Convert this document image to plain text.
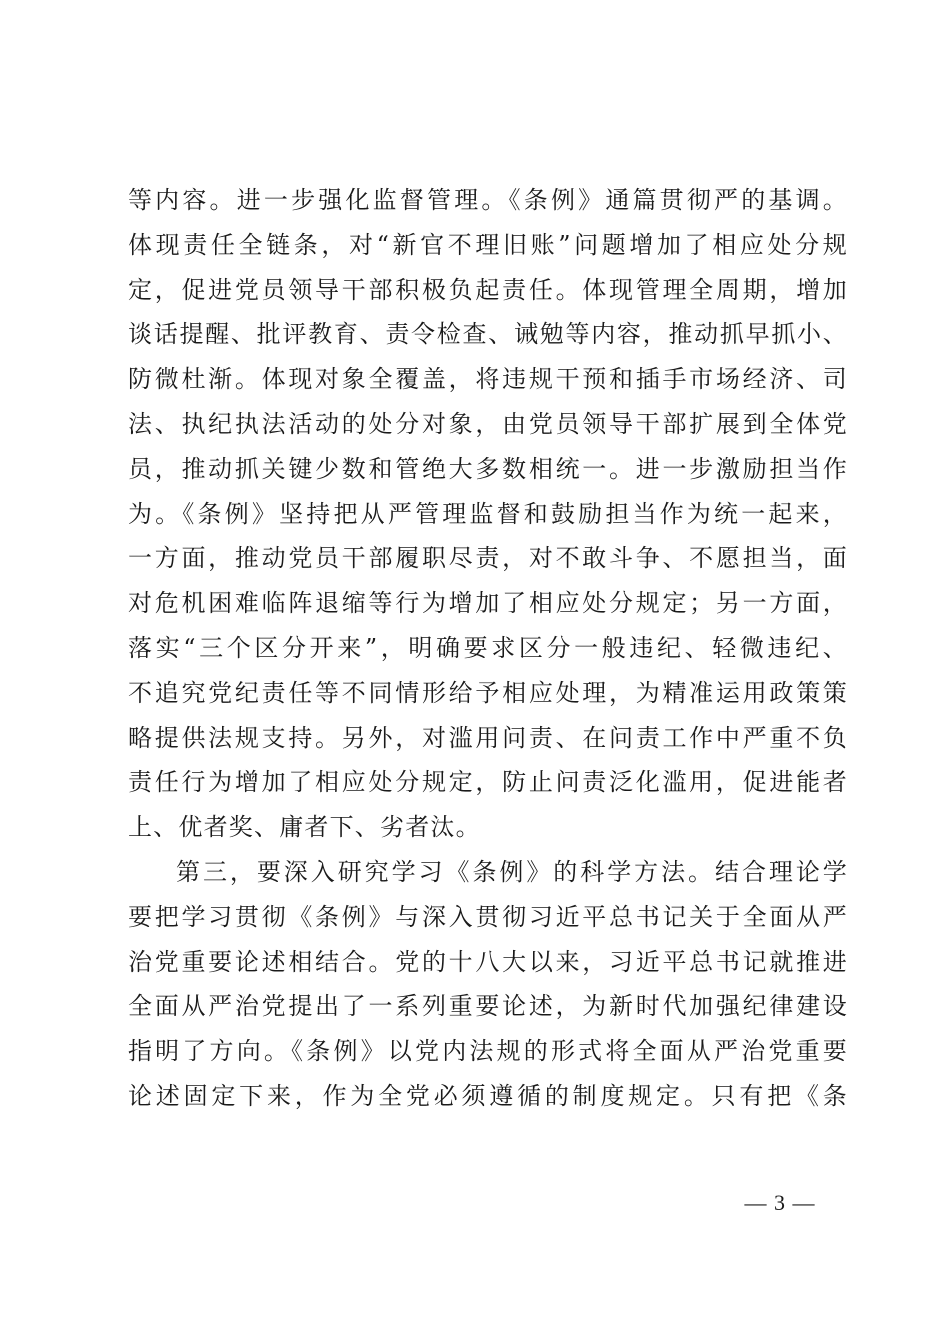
等内容。进一步强化监督管理。《条例》通篇贯彻严的基调。
体现责任全链条，对“新官不理旧账”问题增加了相应处分规
定，促进党员领导干部积极负起责任。体现管理全周期，增加
谈话提醒、批评教育、责令检查、诫勉等内容，推动抓早抓小、
防微杜渐。体现对象全覆盖，将违规干预和插手市场经济、司
法、执纪执法活动的处分对象，由党员领导干部扩展到全体党
员，推动抓关键少数和管绝大多数相统一。进一步激励担当作
为。《条例》坚持把从严管理监督和鼓励担当作为统一起来，
一方面，推动党员干部履职尽责，对不敢斗争、不愿担当，面
对危机困难临阵退缩等行为增加了相应处分规定；另一方面，
落实“三个区分开来”，明确要求区分一般违纪、轻微违纪、
不追究党纪责任等不同情形给予相应处理，为精准运用政策策
略提供法规支持。另外，对滥用问责、在问责工作中严重不负
责任行为增加了相应处分规定，防止问责泛化滥用，促进能者
上、优者奖、庸者下、劣者汰。
第三，要深入研究学习《条例》的科学方法。结合理论学
要把学习贯彻《条例》与深入贯彻习近平总书记关于全面从严
治党重要论述相结合。党的十八大以来，习近平总书记就推进
全面从严治党提出了一系列重要论述，为新时代加强纪律建设
指明了方向。《条例》以党内法规的形式将全面从严治党重要
论述固定下来，作为全党必须遵循的制度规定。只有把《条
— 3 —
